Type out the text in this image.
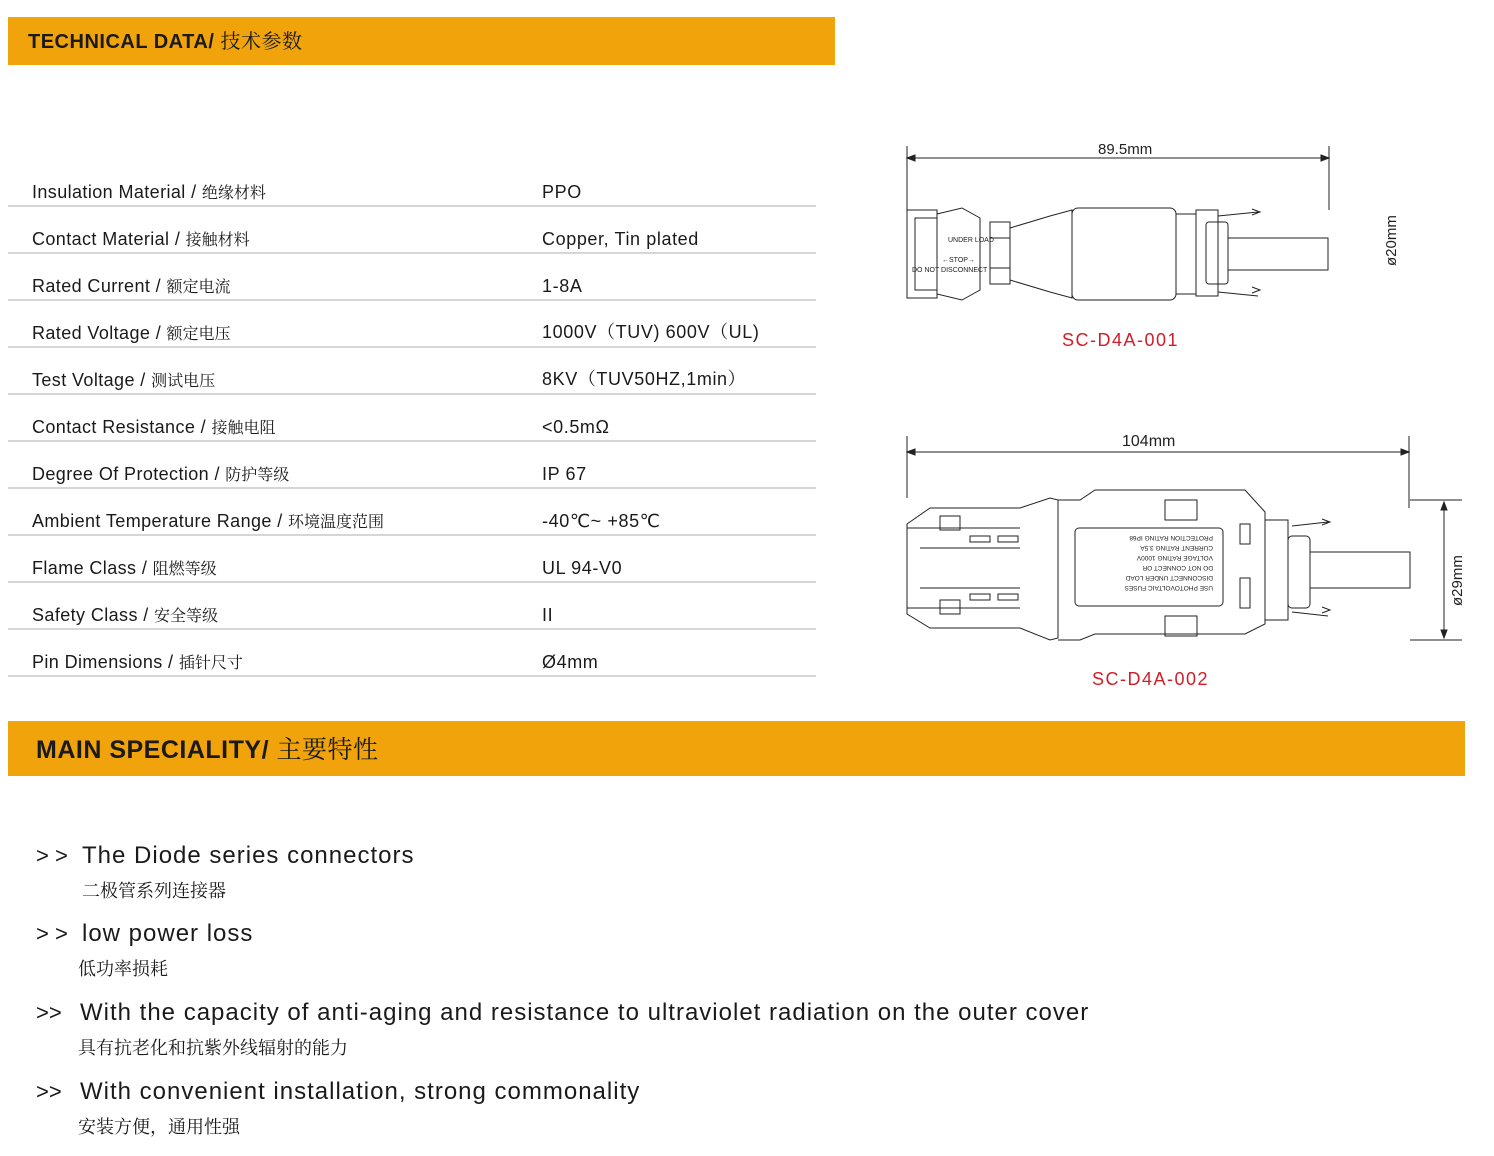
TECHNICAL DATA/ 技术参数
Insulation Material / 绝缘材料	PPO
Contact Material / 接触材料	Copper, Tin plated
Rated Current / 额定电流	1-8A
Rated Voltage / 额定电压	1000V（TUV) 600V（UL)
Test Voltage / 测试电压	8KV（TUV50HZ,1min）
Contact Resistance / 接触电阻	<0.5mΩ
Degree Of Protection / 防护等级	IP 67
Ambient Temperature Range / 环境温度范围	-40℃~ +85℃
Flame Class / 阻燃等级	UL 94-V0
Safety Class / 安全等级	II
Pin Dimensions / 插针尺寸	Ø4mm
DO NOT DISCONNECT
UNDER LOAD
←STOP→
89.5mm
ø20mm
SC-D4A-001
USE PHOTOVOLTAIC FUSES
DISCONNECT UNDER LOAD
DO NOT CONNECT OR
VOLTAGE RATING 1000V
CURRENT RATING 3.5A
PROTECTION RATING IP68
104mm
ø29mm
SC-D4A-002
MAIN SPECIALITY/ 主要特性
> > The Diode series connectors
二极管系列连接器
> > low power loss
低功率损耗
>> With the capacity of anti-aging and resistance to ultraviolet radiation on the outer cover
具有抗老化和抗紫外线辐射的能力
>> With convenient installation, strong commonality
安装方便，通用性强
